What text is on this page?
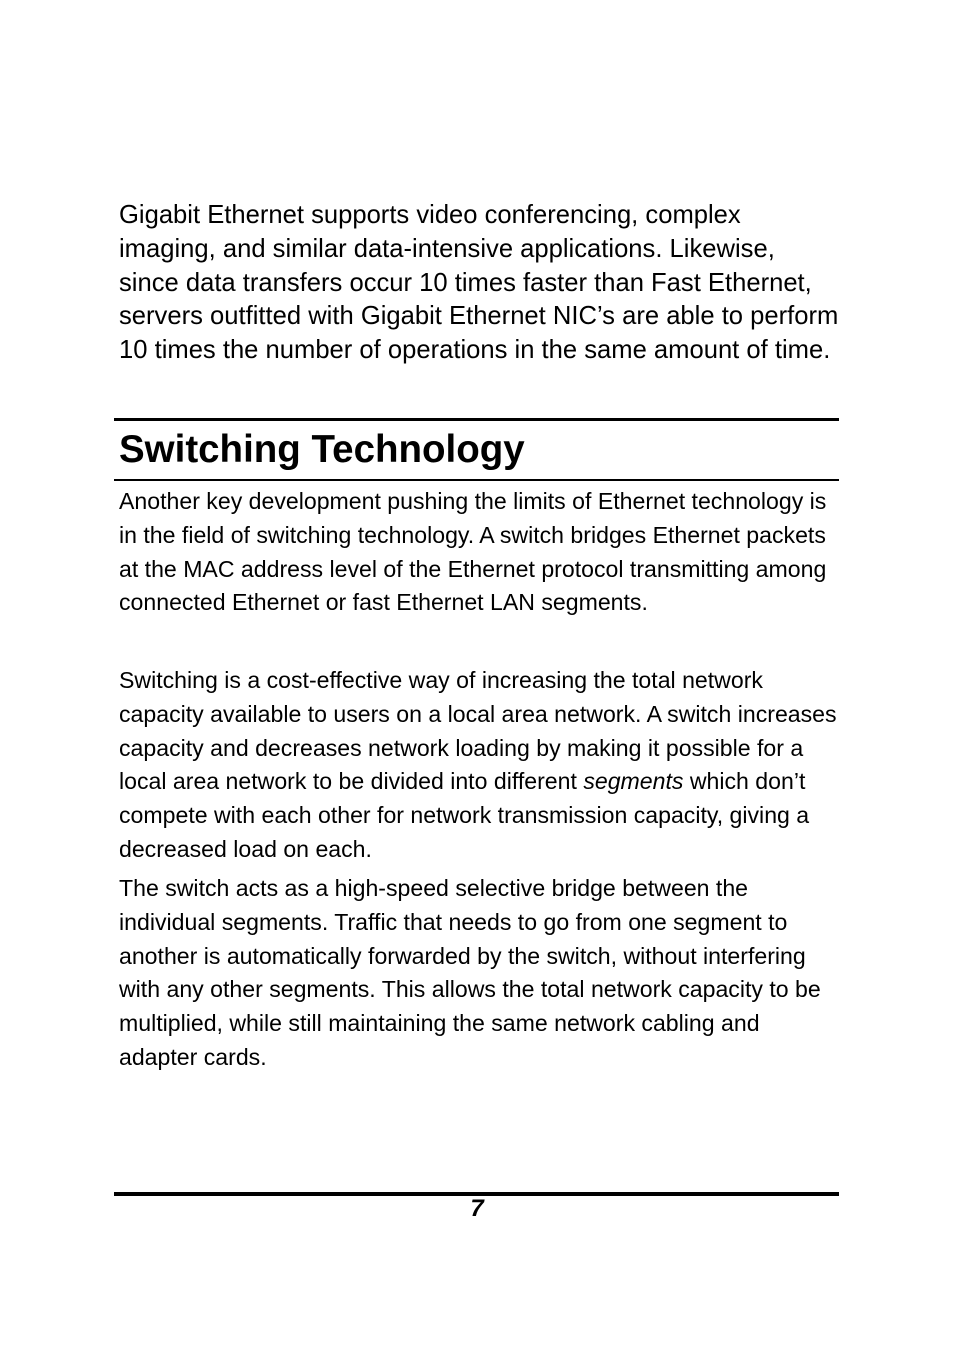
Gigabit Ethernet supports video conferencing, complex imaging, and similar data-intensive applications. Likewise, since data transfers occur 10 times faster than Fast Ethernet, servers outfitted with Gigabit Ethernet NIC’s are able to perform 10 times the number of operations in the same amount of time.

Switching Technology

Another key development pushing the limits of Ethernet technology is in the field of switching technology. A switch bridges Ethernet packets at the MAC address level of the Ethernet protocol transmitting among connected Ethernet or fast Ethernet LAN segments.

Switching is a cost-effective way of increasing the total network capacity available to users on a local area network. A switch increases capacity and decreases network loading by making it possible for a local area network to be divided into different segments which don’t compete with each other for network transmission capacity, giving a decreased load on each.

The switch acts as a high-speed selective bridge between the individual segments. Traffic that needs to go from one segment to another is automatically forwarded by the switch, without interfering with any other segments. This allows the total network capacity to be multiplied, while still maintaining the same network cabling and adapter cards.

7
